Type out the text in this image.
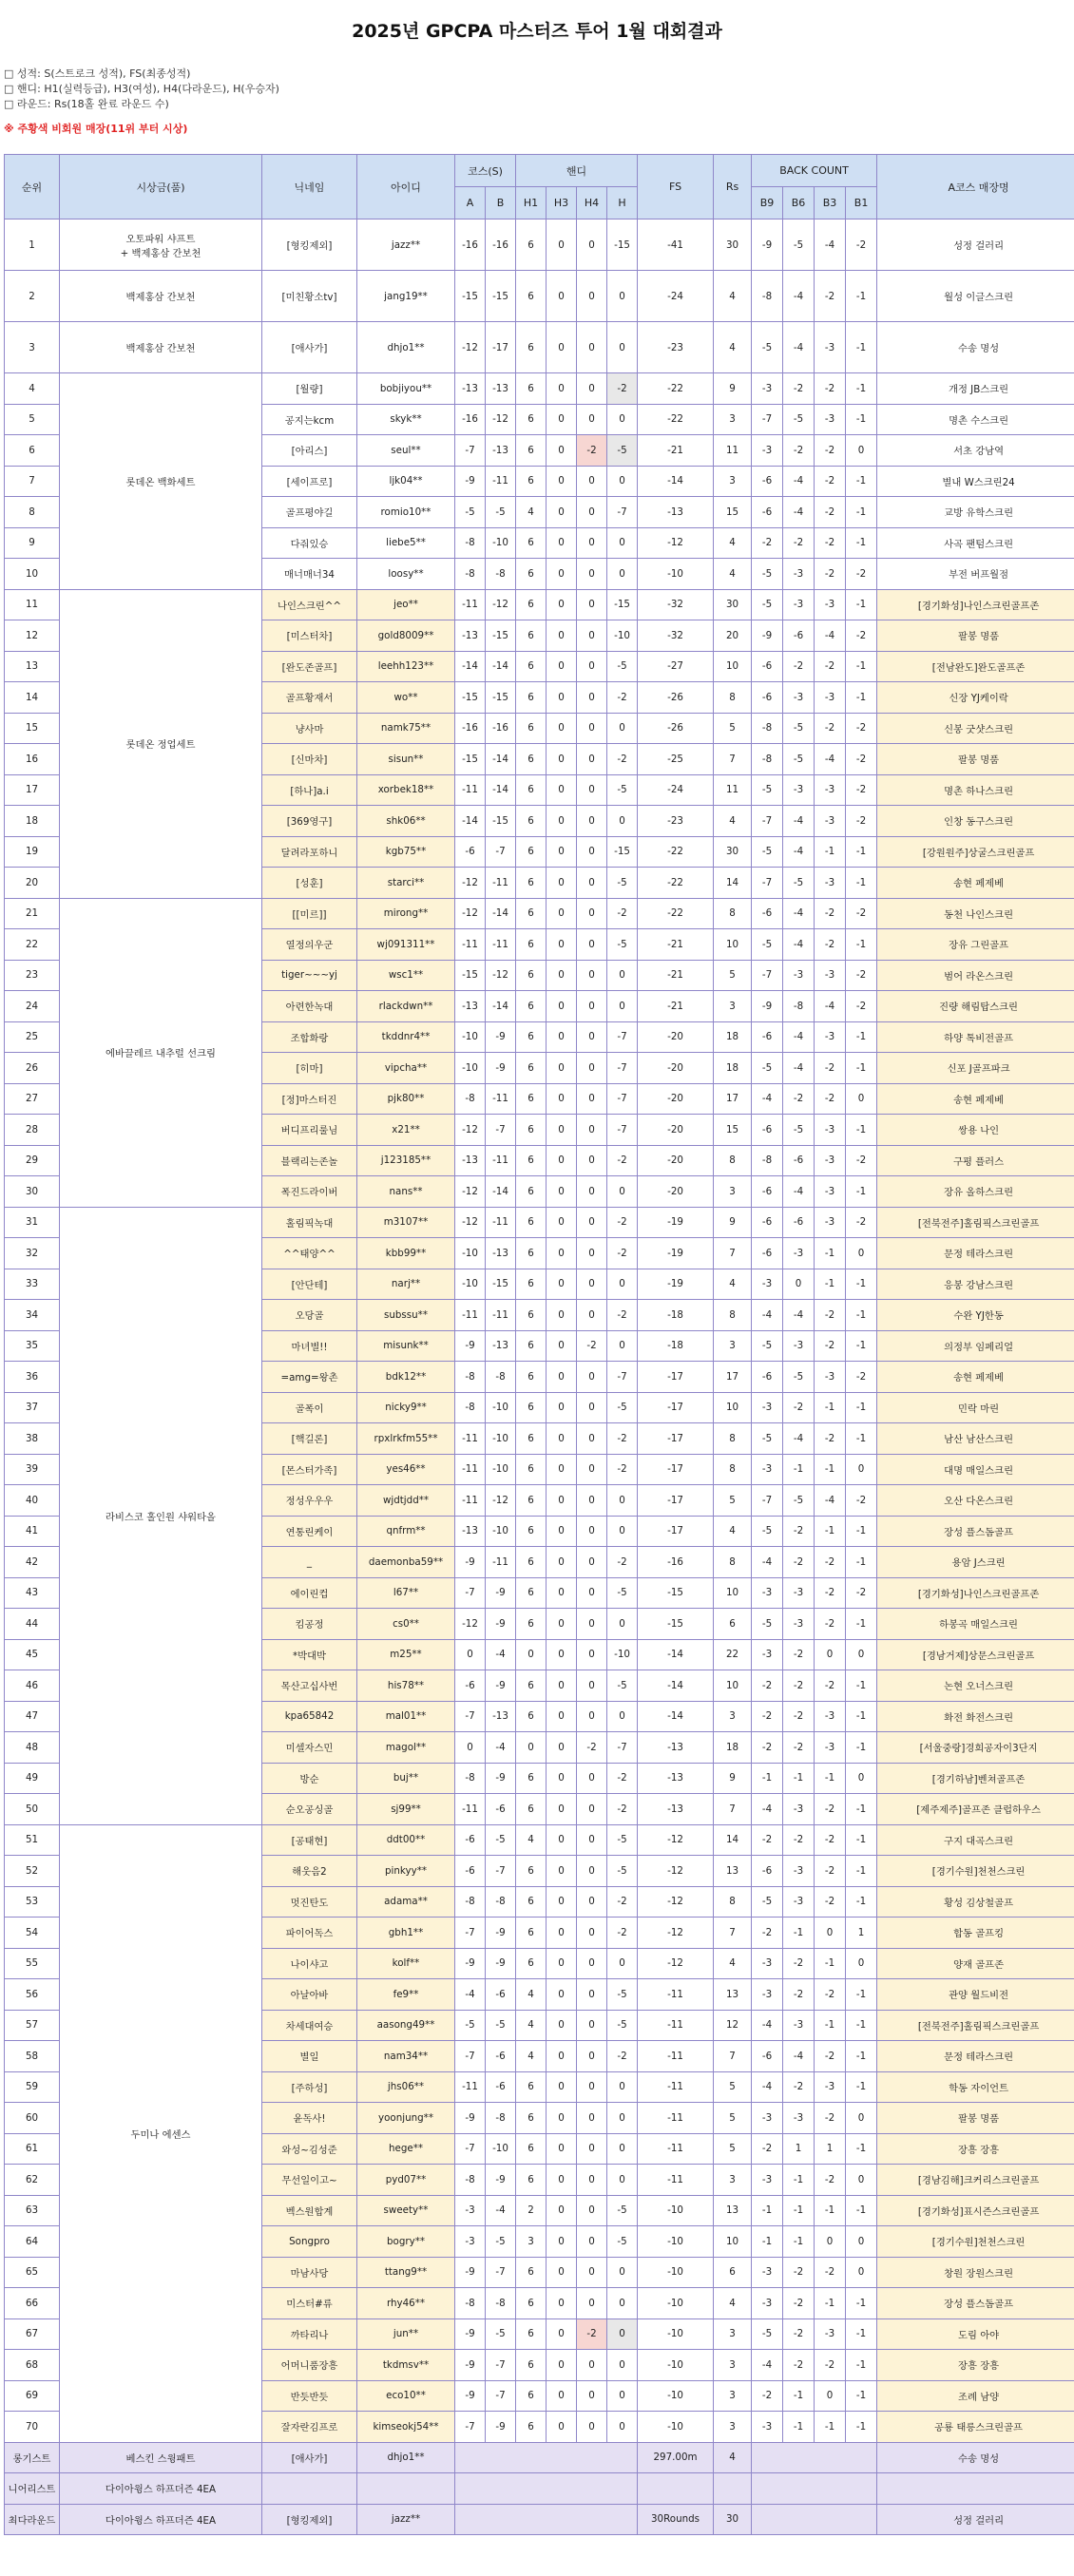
2025년 GPCPA 마스터즈 투어 1월 대회결과
□ 성적: S(스트로크 성적), FS(최종성적)
□ 핸디: H1(실력등급), H3(여성), H4(다라운드), H(우승자)
□ 라운드: Rs(18홀 완료 라운드 수)
※ 주황색 비회원 매장(11위 부터 시상)
순위	시상금(품)	닉네임	아이디	코스(S)		핸디				FS	Rs	BACK COUNT				A코스 매장명
				A	B	H1	H3	H4	H			B9	B6	B3	B1	
1	오토파워 샤프트
+ 백제홍삼 간보천	[형킹제외]	jazz**	-16	-16	6	0	0	-15	-41	30	-9	-5	-4	-2	성정 걸러리
2	백제홍삼 간보천	[미친황소tv]	jang19**	-15	-15	6	0	0	0	-24	4	-8	-4	-2	-1	월성 이글스크린
3	백제홍삼 간보천	[애사가]	dhjo1**	-12	-17	6	0	0	0	-23	4	-5	-4	-3	-1	수송 명성
4	롯데온 백화세트	[월량]	bobjiyou**	-13	-13	6	0	0	-2	-22	9	-3	-2	-2	-1	개정 JB스크린
5		공지는kcm	skyk**	-16	-12	6	0	0	0	-22	3	-7	-5	-3	-1	명촌 수스크린
6		[아리스]	seul**	-7	-13	6	0	-2	-5	-21	11	-3	-2	-2	0	서초 강남역
7		[세이프로]	ljk04**	-9	-11	6	0	0	0	-14	3	-6	-4	-2	-1	별내 W스크린24
8		골프평야길	romio10**	-5	-5	4	0	0	-7	-13	15	-6	-4	-2	-1	교방 유학스크린
9		다줘있승	liebe5**	-8	-10	6	0	0	0	-12	4	-2	-2	-2	-1	사곡 팬텀스크린
10		매너매너34	loosy**	-8	-8	6	0	0	0	-10	4	-5	-3	-2	-2	부전 버프월점
11	롯데온 정업세트	나인스크린^^	jeo**	-11	-12	6	0	0	-15	-32	30	-5	-3	-3	-1	[경기화성]나인스크린골프존
12		[미스터차]	gold8009**	-13	-15	6	0	0	-10	-32	20	-9	-6	-4	-2	팔봉 명품
13		[완도존골프]	leehh123**	-14	-14	6	0	0	-5	-27	10	-6	-2	-2	-1	[전남완도]완도골프존
14		골프황재서	wo**	-15	-15	6	0	0	-2	-26	8	-6	-3	-3	-1	신장 YJ케이락
15		냥사마	namk75**	-16	-16	6	0	0	0	-26	5	-8	-5	-2	-2	신봉 굿샷스크린
16		[신마차]	sisun**	-15	-14	6	0	0	-2	-25	7	-8	-5	-4	-2	팔봉 명품
17		[하나]a.i	xorbek18**	-11	-14	6	0	0	-5	-24	11	-5	-3	-3	-2	명촌 하나스크린
18		[369영구]	shk06**	-14	-15	6	0	0	0	-23	4	-7	-4	-3	-2	인창 동구스크린
19		달려라포하니	kgb75**	-6	-7	6	0	0	-15	-22	30	-5	-4	-1	-1	[강원원주]상굴스크린골프
20		[성훈]	starci**	-12	-11	6	0	0	-5	-22	14	-7	-5	-3	-1	송현 페제베
21	에바끌레르 내추럴 선크림	[[미르]]	mirong**	-12	-14	6	0	0	-2	-22	8	-6	-4	-2	-2	동천 나인스크린
22		열정의우군	wj091311**	-11	-11	6	0	0	-5	-21	10	-5	-4	-2	-1	장유 그린골프
23		tiger~~~yj	wsc1**	-15	-12	6	0	0	0	-21	5	-7	-3	-3	-2	범어 라온스크린
24		아련한녹대	rlackdwn**	-13	-14	6	0	0	0	-21	3	-9	-8	-4	-2	진량 해림탑스크린
25		조합화랑	tkddnr4**	-10	-9	6	0	0	-7	-20	18	-6	-4	-3	-1	하양 톡비전골프
26		[히마]	vipcha**	-10	-9	6	0	0	-7	-20	18	-5	-4	-2	-1	신포 J골프파크
27		[정]마스터진	pjk80**	-8	-11	6	0	0	-7	-20	17	-4	-2	-2	0	송현 페제베
28		버디프리룰님	x21**	-12	-7	6	0	0	-7	-20	15	-6	-5	-3	-1	쌍용 나인
29		블랙리는존놀	j123185**	-13	-11	6	0	0	-2	-20	8	-8	-6	-3	-2	구평 플러스
30		폭진드라이버	nans**	-12	-14	6	0	0	0	-20	3	-6	-4	-3	-1	장유 올하스크린
31	라비스코 홀인원 샤워타올	홀림픽녹대	m3107**	-12	-11	6	0	0	-2	-19	9	-6	-6	-3	-2	[전북전주]홀림픽스크린골프
32		^^태양^^	kbb99**	-10	-13	6	0	0	-2	-19	7	-6	-3	-1	0	문정 테라스크린
33		[안단테]	narj**	-10	-15	6	0	0	0	-19	4	-3	0	-1	-1	응봉 강남스크린
34		오당골	subssu**	-11	-11	6	0	0	-2	-18	8	-4	-4	-2	-1	수완 YJ한동
35		마녀별!!	misunk**	-9	-13	6	0	-2	0	-18	3	-5	-3	-2	-1	의정부 임페리얼
36		=amg=왕촌	bdk12**	-8	-8	6	0	0	-7	-17	17	-6	-5	-3	-2	송현 페제베
37		골폭이	nicky9**	-8	-10	6	0	0	-5	-17	10	-3	-2	-1	-1	민락 마린
38		[핵길론]	rpxlrkfm55**	-11	-10	6	0	0	-2	-17	8	-5	-4	-2	-1	남산 남산스크린
39		[몬스터가족]	yes46**	-11	-10	6	0	0	-2	-17	8	-3	-1	-1	0	대명 매일스크린
40		정성우우우	wjdtjdd**	-11	-12	6	0	0	0	-17	5	-7	-5	-4	-2	오산 다온스크린
41		연통린케이	qnfrm**	-13	-10	6	0	0	0	-17	4	-5	-2	-1	-1	장성 플스돔골프
42		_	daemonba59**	-9	-11	6	0	0	-2	-16	8	-4	-2	-2	-1	용암 J스크린
43		에이린컵	l67**	-7	-9	6	0	0	-5	-15	10	-3	-3	-2	-2	[경기화성]나인스크린골프존
44		킴공정	cs0**	-12	-9	6	0	0	0	-15	6	-5	-3	-2	-1	하봉곡 매일스크린
45		*박대박	m25**	0	-4	0	0	0	-10	-14	22	-3	-2	0	0	[경남거제]상문스크린골프
46		목산고십사번	his78**	-6	-9	6	0	0	-5	-14	10	-2	-2	-2	-1	논현 오너스크린
47		kpa65842	mal01**	-7	-13	6	0	0	0	-14	3	-2	-2	-3	-1	화전 화전스크린
48		미셀자스민	magol**	0	-4	0	0	-2	-7	-13	18	-2	-2	-3	-1	[서울중랑]경희공자이3단지
49		방순	buj**	-8	-9	6	0	0	-2	-13	9	-1	-1	-1	0	[경기하남]벤쳐골프존
50		순오공싱골	sj99**	-11	-6	6	0	0	-2	-13	7	-4	-3	-2	-1	[제주제주]골프존 클럽하우스
51	두미나 에센스	[공태현]	ddt00**	-6	-5	4	0	0	-5	-12	14	-2	-2	-2	-1	구지 대곡스크린
52		해웃음2	pinkyy**	-6	-7	6	0	0	-5	-12	13	-6	-3	-2	-1	[경기수원]천천스크린
53		멋진탄도	adama**	-8	-8	6	0	0	-2	-12	8	-5	-3	-2	-1	황성 김상철골프
54		파이어독스	gbh1**	-7	-9	6	0	0	-2	-12	7	-2	-1	0	1	합동 골프킹
55		나이샤고	kolf**	-9	-9	6	0	0	0	-12	4	-3	-2	-1	0	양재 골프존
56		아날아바	fe9**	-4	-6	4	0	0	-5	-11	13	-3	-2	-2	-1	관양 월드비전
57		차세대여승	aasong49**	-5	-5	4	0	0	-5	-11	12	-4	-3	-1	-1	[전북전주]홀림픽스크린골프
58		별일	nam34**	-7	-6	4	0	0	-2	-11	7	-6	-4	-2	-1	문정 테라스크린
59		[주하성]	jhs06**	-11	-6	6	0	0	0	-11	5	-4	-2	-3	-1	학동 자이언트
60		윤독사!	yoonjung**	-9	-8	6	0	0	0	-11	5	-3	-3	-2	0	팔봉 명품
61		와성~김성준	hege**	-7	-10	6	0	0	0	-11	5	-2	1	1	-1	장흥 장흥
62		무선일이고~	pyd07**	-8	-9	6	0	0	0	-11	3	-3	-1	-2	0	[경남김해]크커리스크린골프
63		벡스원합계	sweety**	-3	-4	2	0	0	-5	-10	13	-1	-1	-1	-1	[경기화성]표시즌스크린골프
64		Songpro	bogry**	-3	-5	3	0	0	-5	-10	10	-1	-1	0	0	[경기수원]천천스크린
65		마남사당	ttang9**	-9	-7	6	0	0	0	-10	6	-3	-2	-2	0	창원 장원스크린
66		미스터#류	rhy46**	-8	-8	6	0	0	0	-10	4	-3	-2	-1	-1	장성 플스돔골프
67		까타리나	jun**	-9	-5	6	0	-2	0	-10	3	-5	-2	-3	-1	도림 아야
68		어머니품장흥	tkdmsv**	-9	-7	6	0	0	0	-10	3	-4	-2	-2	-1	장흥 장흥
69		반듯반듯	eco10**	-9	-7	6	0	0	0	-10	3	-2	-1	0	-1	조례 남양
70		잘자란김프로	kimseokj54**	-7	-9	6	0	0	0	-10	3	-3	-1	-1	-1	공룡 태릉스크린골프
롱기스트	베스킨 스윙패트	[애사가]	dhjo1**							297.00m	4					수송 명성
니어리스트	다이아윙스 하프더즌 4EA															
최다라운드	다이아윙스 하프더즌 4EA	[형킹제외]	jazz**							30Rounds	30					성정 걸러리
